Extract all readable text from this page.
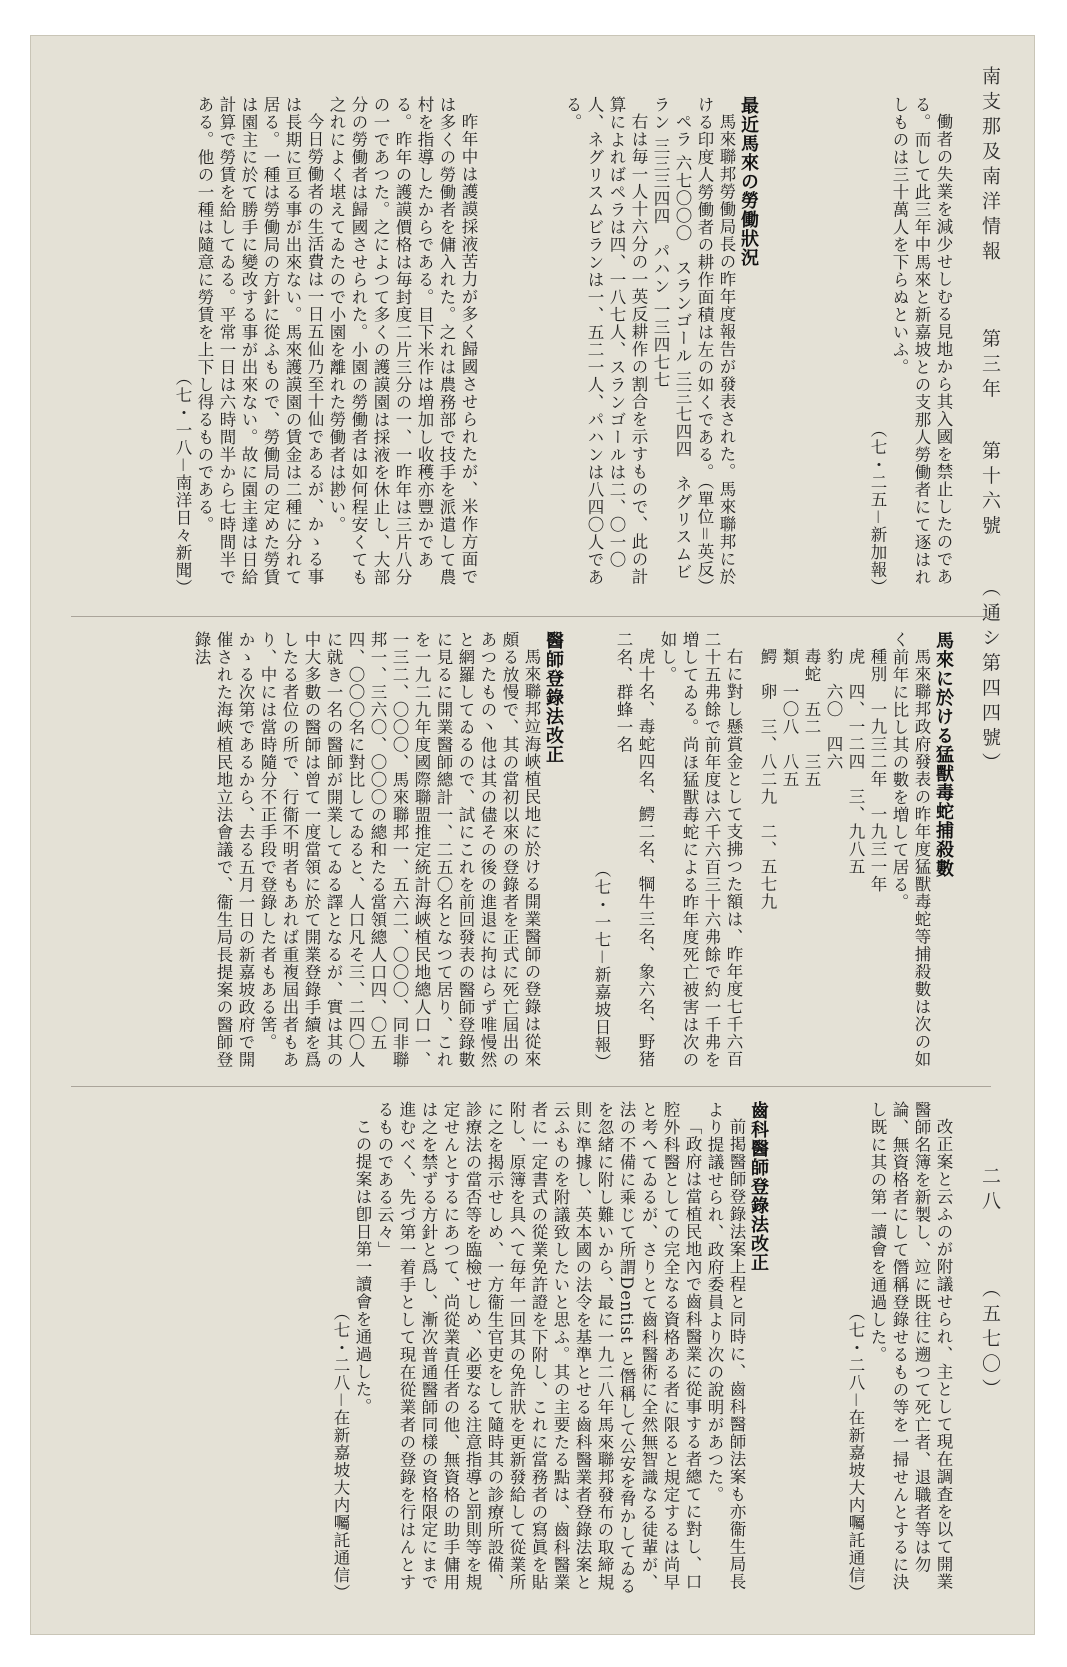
南支那及南洋情報　　 第三年　 第十六號　 （通シ第四四號）
二八　　 （五七〇）

働者の失業を減少せしむる見地から其入國を禁止したのである。而して此三年中馬來と新嘉坡との支那人勞働者にて逐はれしものは三十萬人を下らぬといふ。

（七・二五－新加報）

最近馬來の勞働狀況

馬來聯邦勞働局長の昨年度報告が發表された。馬來聯邦に於ける印度人勞働者の耕作面積は左の如くである。（單位＝英反）

ペラ 六七〇〇〇　スランゴール 三三七四四　ネグリスムビラン 三三三四四　パハン 一三四七七

右は毎一人十六分の一英反耕作の割合を示すもので、此の計算によればペラは四、一八七人、スランゴールは二、〇一〇人、ネグリスムビランは一、五二一人、パハンは八四〇人である。

昨年中は護謨採液苦力が多く歸國させられたが、米作方面では多くの勞働者を傭入れた。之れは農務部で技手を派遣して農村を指導したからである。目下米作は増加し收穫亦豐かである。昨年の護謨價格は毎封度二片三分の一、一昨年は三片八分の一であつた。之によつて多くの護謨園は採液を休止し、大部分の勞働者は歸國させられた。小園の勞働者は如何程安くても之れによく堪えてゐたので小園を離れた勞働者は尠い。

今日勞働者の生活費は一日五仙乃至十仙であるが、かゝる事は長期に亘る事が出來ない。馬來護謨園の賃金は二種に分れて居る。一種は勞働局の方針に從ふもので、勞働局の定めた勞賃は園主に於て勝手に變改する事が出來ない。故に園主達は日給計算で勞賃を給してゐる。平常一日は六時間半から七時間半である。他の一種は隨意に勞賃を上下し得るものである。

（七・一八－南洋日々新聞）

馬來に於ける猛獸毒蛇捕殺數

馬來聯邦政府發表の昨年度猛獸毒蛇等捕殺數は次の如く前年に比し其の數を増して居る。

種別　一九三二年　一九三一年

虎　四、一二四　三、九八五

豹　六〇　四六

毒蛇　五二　三五

類　一〇八　八五

鰐　卵　三、八二九　二、五七九

右に對し懸賞金として支拂つた額は、昨年度七千六百二十五弗餘で前年度は六千六百三十六弗餘で約一千弗を増してゐる。尚ほ猛獸毒蛇による昨年度死亡被害は次の如し。

虎十名、毒蛇四名、鰐二名、犅牛三名、象六名、野猪二名、群蜂一名

（七・一七－新嘉坡日報）

醫師登錄法改正

馬來聯邦竝海峽植民地に於ける開業醫師の登錄は從來頗る放慢で、其の當初以來の登錄者を正式に死亡屆出のあつたもの丶他は其の儘その後の進退に拘はらず唯慢然と網羅してゐるので、試にこれを前回發表の醫師登錄數に見るに開業醫師總計一、二五〇名となつて居り、これを一九二九年度國際聯盟推定統計海峽植民地總人口一、一三二、〇〇〇、馬來聯邦一、五六二、〇〇〇、同非聯邦一、三六〇、〇〇〇の總和たる當領總人口四、〇五四、〇〇〇名に對比してゐると、人口凡そ三、二四〇人に就き一名の醫師が開業してゐる譯となるが、實は其の中大多數の醫師は曾て一度當領に於て開業登錄手續を爲したる者位の所で、行衞不明者もあれば重複屆出者もあり、中には當時隨分不正手段で登錄した者もある筈。かゝる次第であるから、去る五月一日の新嘉坡政府で開催された海峽植民地立法會議で、衞生局長提案の醫師登錄法

改正案と云ふのが附議せられ、主として現在調査を以て開業醫師名簿を新製し、竝に既往に遡つて死亡者、退職者等は勿論、無資格者にして僭稱登錄せるもの等を一掃せんとするに決し既に其の第一讀會を通過した。

（七・二八－在新嘉坡大内囑託通信）

齒科醫師登錄法改正

前掲醫師登錄法案上程と同時に、齒科醫師法案も亦衞生局長より提議せられ、政府委員より次の說明があつた。

「政府は當植民地內で齒科醫業に從事する者總てに對し、口腔外科醫としての完全なる資格ある者に限ると規定するは尚早と考へてゐるが、さりとて齒科醫術に全然無智識なる徒輩が、法の不備に乘じて所謂Dentist と僭稱して公安を脅かしてゐるを忽緒に附し難いから、最に一九二八年馬來聯邦發布の取締規則に準據し、英本國の法令を基準とせる齒科醫業者登錄法案と云ふものを附議致したいと思ふ。其の主要たる點は、齒科醫業者に一定書式の從業免許證を下附し、これに當務者の寫眞を貼附し、原簿を具へて毎年一回其の免許狀を更新發給して從業所に之を揭示せしめ、一方衞生官吏をして隨時其の診療所設備、診療法の當否等を臨檢せしめ、必要なる注意指導と罰則等を規定せんとするにあつて、尚從業責任者の他、無資格の助手傭用は之を禁ずる方針と爲し、漸次普通醫師同樣の資格限定にまで進むべく、先づ第一着手として現在從業者の登錄を行はんとするものである云々」

この提案は卽日第一讀會を通過した。

（七・二八－在新嘉坡大内囑託通信）
